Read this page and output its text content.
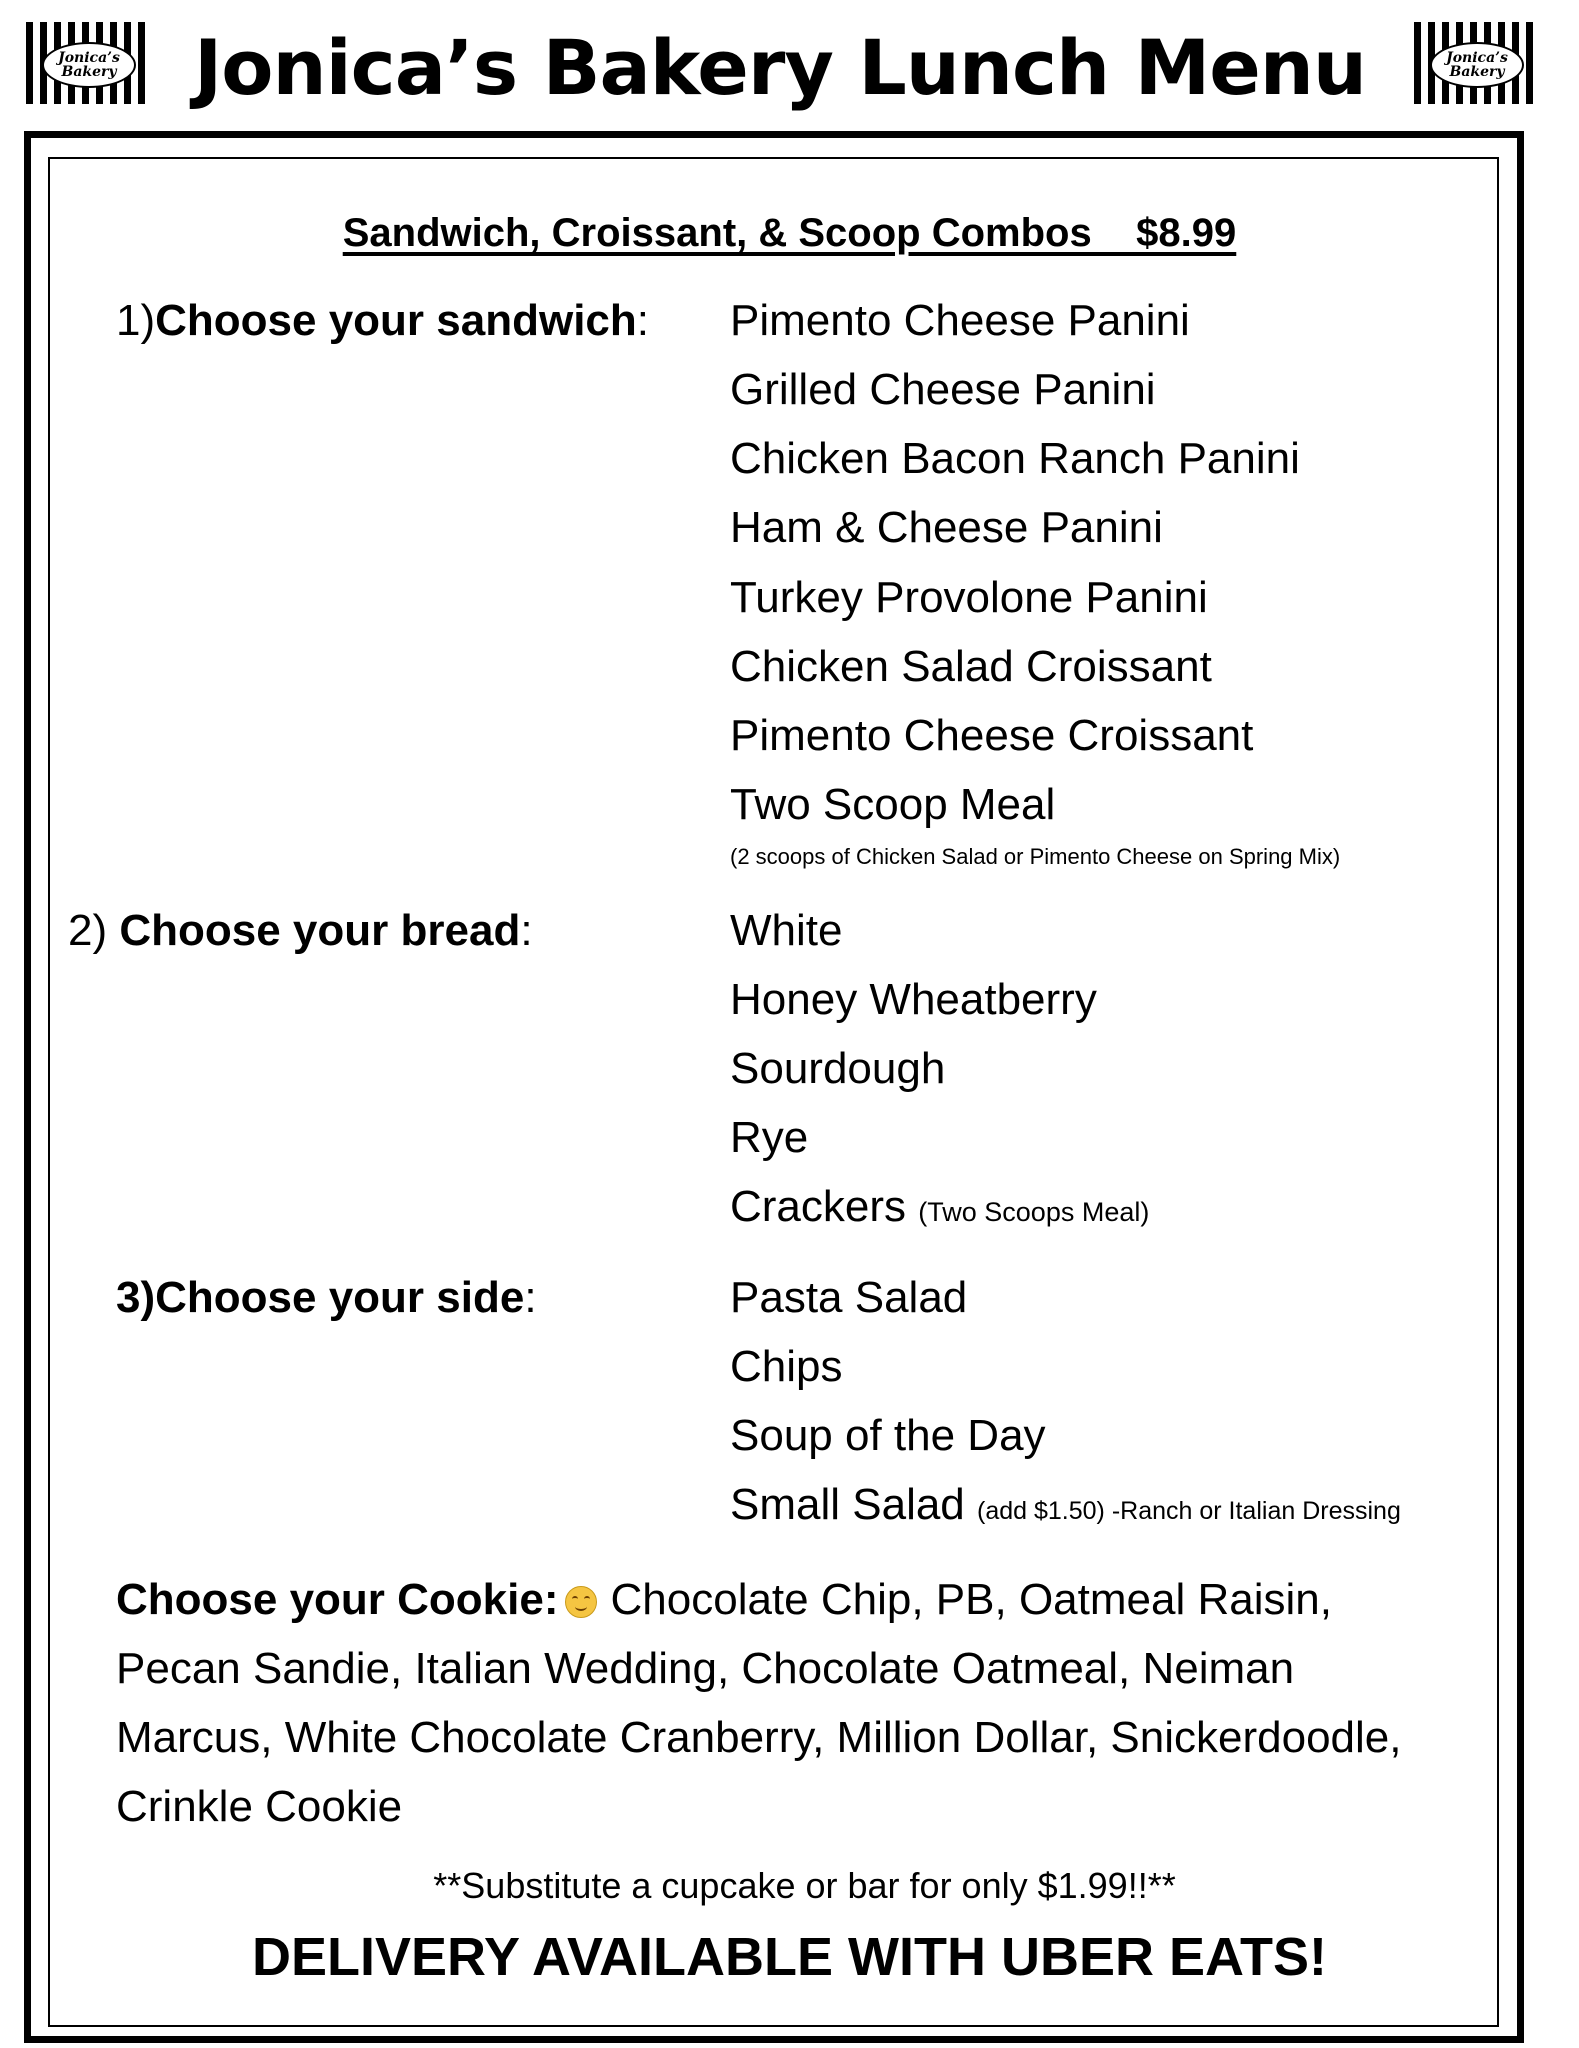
Jonica’s
Bakery	Jonica’s Bakery Lunch Menu	Jonica’s
Bakery
Sandwich, Croissant, & Scoop Combos    $8.99
1)Choose your sandwich: Pimento Cheese Panini
Grilled Cheese Panini
Chicken Bacon Ranch Panini
Ham & Cheese Panini
Turkey Provolone Panini
Chicken Salad Croissant
Pimento Cheese Croissant
Two Scoop Meal
(2 scoops of Chicken Salad or Pimento Cheese on Spring Mix)
2) Choose your bread:	White
Honey Wheatberry
Sourdough
Rye
Crackers (Two Scoops Meal)
3)Choose your side:	Pasta Salad
Chips
Soup of the Day
Small Salad (add $1.50) -Ranch or Italian Dressing
Choose your Cookie: Chocolate Chip, PB, Oatmeal Raisin, Pecan Sandie, Italian Wedding, Chocolate Oatmeal, Neiman Marcus, White Chocolate Cranberry, Million Dollar, Snickerdoodle, Crinkle Cookie
**Substitute a cupcake or bar for only $1.99!!**
DELIVERY AVAILABLE WITH UBER EATS!
